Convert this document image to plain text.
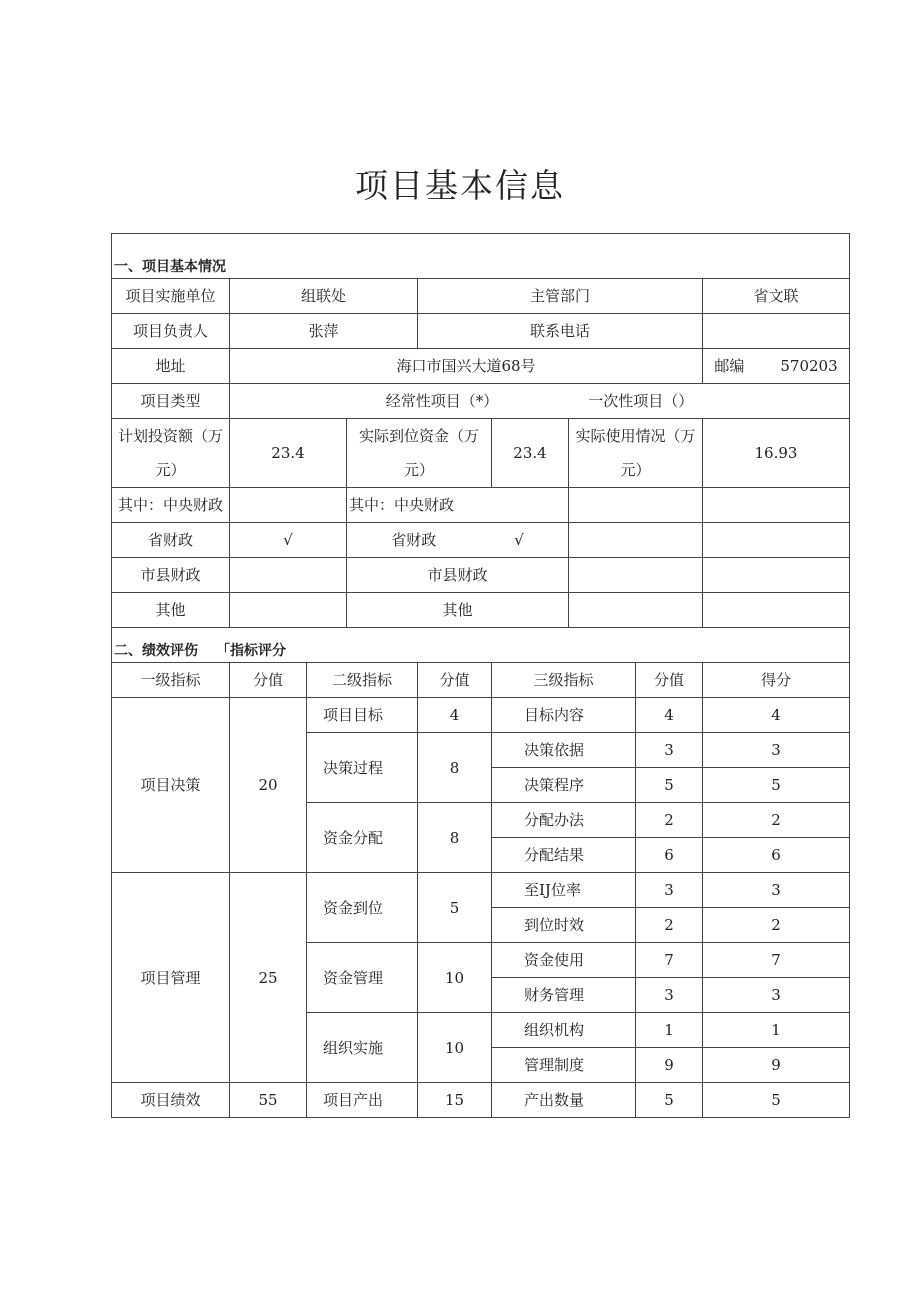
项目基本信息
一、项目基本情况								
项目实施单位	组联处			主管部门				省文联
项目负责人	张萍			联系电话				
地址	海口市国兴大道68号							邮编 570203
项目类型	经常性项目（*） 一次性项目（）							
计划投资额（万元）	23.4		实际到位资金（万元）		23.4	实际使用情况（万元）		16.93
其中：中央财政			其中：中央财政					
省财政	√		省财政 √					
市县财政			市县财政					
其他			其他					
二、绩效评伤 「指标评分								
一级指标	分值	二级指标		分值	三级指标		分值	得分
项目决策	20	项目目标		4	目标内容		4	4
		决策过程		8	决策依据		3	3
					决策程序		5	5
		资金分配		8	分配办法		2	2
					分配结果		6	6
项目管理	25	资金到位		5	至IJ位率		3	3
					到位时效		2	2
		资金管理		10	资金使用		7	7
					财务管理		3	3
		组织实施		10	组织机构		1	1
					管理制度		9	9
项目绩效	55	项目产出		15	产出数量		5	5
